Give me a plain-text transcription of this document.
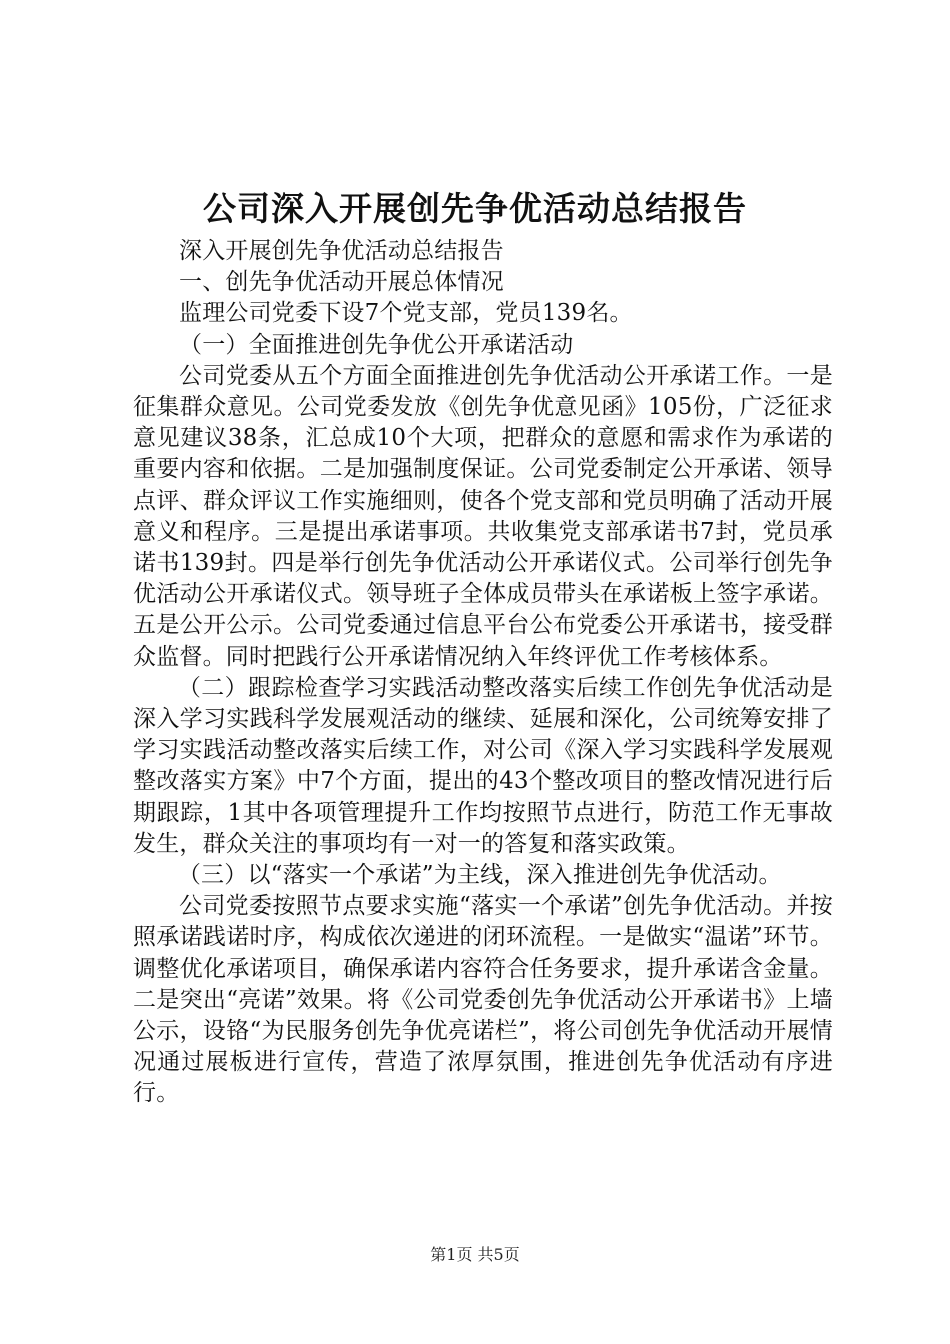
公司深入开展创先争优活动总结报告

深入开展创先争优活动总结报告

一、创先争优活动开展总体情况

监理公司党委下设7个党支部，党员139名。

（一）全面推进创先争优公开承诺活动

公司党委从五个方面全面推进创先争优活动公开承诺工作。一是征集群众意见。公司党委发放《创先争优意见函》105份，广泛征求意见建议38条，汇总成10个大项，把群众的意愿和需求作为承诺的重要内容和依据。二是加强制度保证。公司党委制定公开承诺、领导点评、群众评议工作实施细则，使各个党支部和党员明确了活动开展意义和程序。三是提出承诺事项。共收集党支部承诺书7封，党员承诺书139封。四是举行创先争优活动公开承诺仪式。公司举行创先争优活动公开承诺仪式。领导班子全体成员带头在承诺板上签字承诺。五是公开公示。公司党委通过信息平台公布党委公开承诺书，接受群众监督。同时把践行公开承诺情况纳入年终评优工作考核体系。

（二）跟踪检查学习实践活动整改落实后续工作创先争优活动是深入学习实践科学发展观活动的继续、延展和深化，公司统筹安排了学习实践活动整改落实后续工作，对公司《深入学习实践科学发展观整改落实方案》中7个方面，提出的43个整改项目的整改情况进行后期跟踪，1其中各项管理提升工作均按照节点进行，防范工作无事故发生，群众关注的事项均有一对一的答复和落实政策。

（三）以“落实一个承诺”为主线，深入推进创先争优活动。

公司党委按照节点要求实施“落实一个承诺”创先争优活动。并按照承诺践诺时序，构成依次递进的闭环流程。一是做实“温诺”环节。调整优化承诺项目，确保承诺内容符合任务要求，提升承诺含金量。二是突出“亮诺”效果。将《公司党委创先争优活动公开承诺书》上墙公示，设铬“为民服务创先争优亮诺栏”，将公司创先争优活动开展情况通过展板进行宣传，营造了浓厚氛围，推进创先争优活动有序进行。

第1页 共5页
